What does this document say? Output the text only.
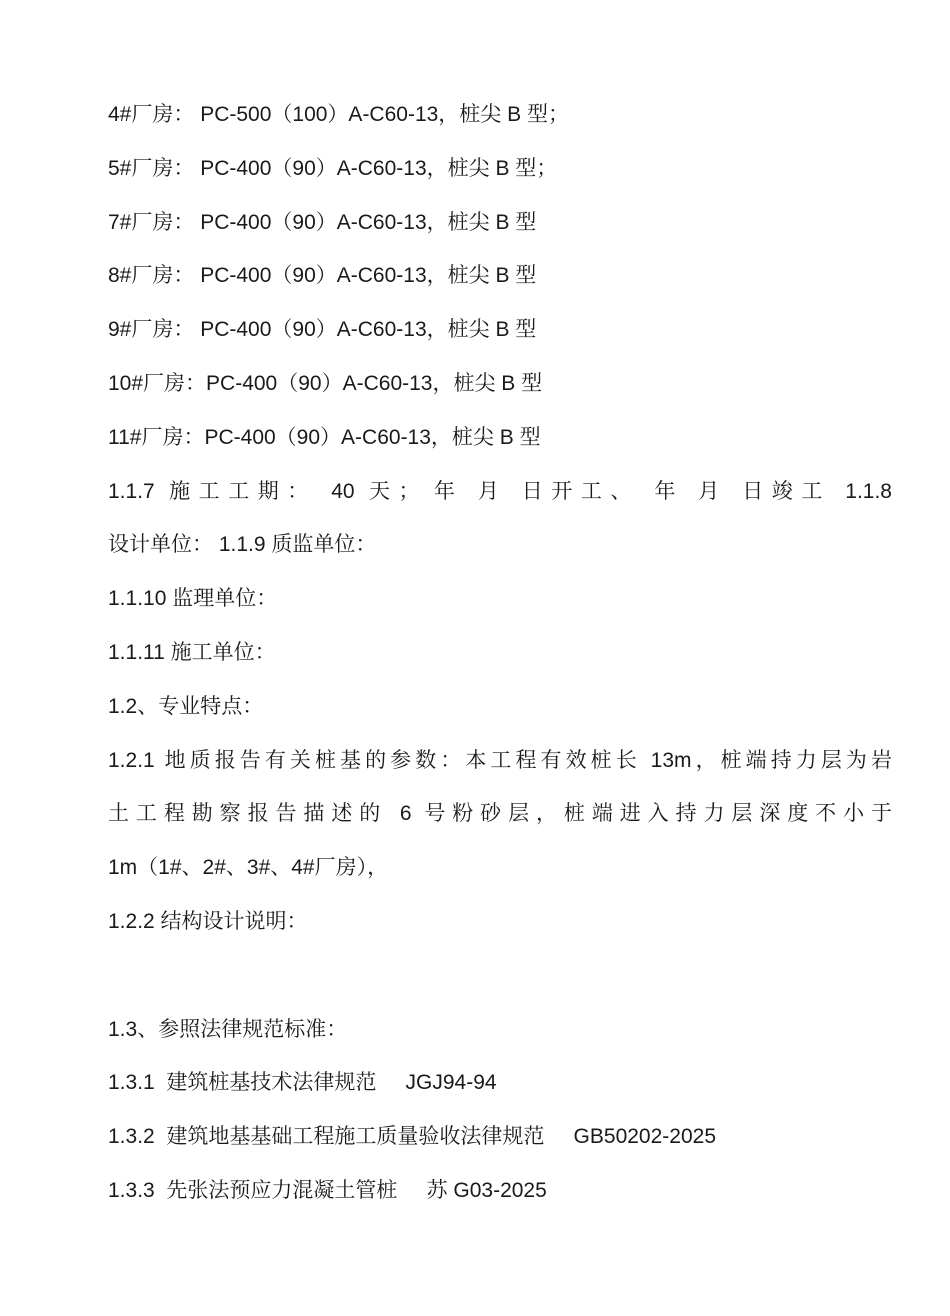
4#厂房： PC-500（100）A-C60-13，桩尖 B 型；
5#厂房： PC-400（90）A-C60-13，桩尖 B 型；
7#厂房： PC-400（90）A-C60-13，桩尖 B 型
8#厂房： PC-400（90）A-C60-13，桩尖 B 型
9#厂房： PC-400（90）A-C60-13，桩尖 B 型
10#厂房：PC-400（90）A-C60-13，桩尖 B 型
11#厂房：PC-400（90）A-C60-13，桩尖 B 型
1.1.7 施工工期： 40 天； 年 月 日开工、 年 月 日竣工 1.1.8
设计单位： 1.1.9 质监单位：
1.1.10 监理单位：
1.1.11 施工单位：
1.2、专业特点：
1.2.1 地质报告有关桩基的参数：本工程有效桩长 13m，桩端持力层为岩
土工程勘察报告描述的 6 号粉砂层，桩端进入持力层深度不小于
1m（1#、2#、3#、4#厂房），
1.2.2 结构设计说明：
1.3、参照法律规范标准：
1.3.1  建筑桩基技术法律规范     JGJ94-94
1.3.2  建筑地基基础工程施工质量验收法律规范     GB50202-2025
1.3.3  先张法预应力混凝土管桩     苏 G03-2025
